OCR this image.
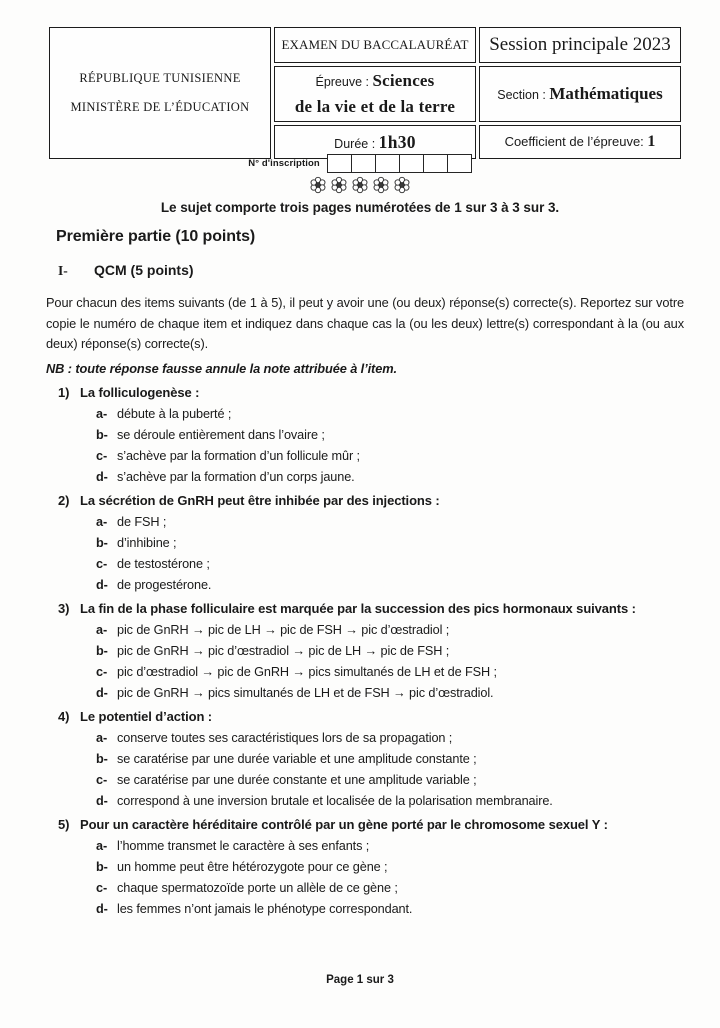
RÉPUBLIQUE TUNISIENNE
MINISTÈRE DE L’ÉDUCATION	EXAMEN DU BACCALAURÉAT	Session principale 2023
	Épreuve : Sciences
de la vie et de la terre	Section : Mathématiques
	Durée : 1h30	Coefficient de l’épreuve: 1
N° d'inscription
Le sujet comporte trois pages numérotées de 1 sur 3 à 3 sur 3.
Première partie (10 points)
I-	QCM (5 points)

Pour chacun des items suivants (de 1 à 5), il peut y avoir une (ou deux) réponse(s) correcte(s). Reportez sur votre copie le numéro de chaque item et indiquez dans chaque cas la (ou les deux) lettre(s) correspondant à la (ou aux deux) réponse(s) correcte(s).

NB : toute réponse fausse annule la note attribuée à l’item.

1) La folliculogenèse :
a- débute à la puberté ;
b- se déroule entièrement dans l’ovaire ;
c- s’achève par la formation d’un follicule mûr ;
d- s’achève par la formation d’un corps jaune.
2) La sécrétion de GnRH peut être inhibée par des injections :
a- de FSH ;
b- d’inhibine ;
c- de testostérone ;
d- de progestérone.
3) La fin de la phase folliculaire est marquée par la succession des pics hormonaux suivants :
a- pic de GnRH → pic de LH → pic de FSH → pic d’œstradiol ;
b- pic de GnRH → pic d’œstradiol → pic de LH → pic de FSH ;
c- pic d’œstradiol → pic de GnRH → pics simultanés de LH et de FSH ;
d- pic de GnRH → pics simultanés de LH et de FSH → pic d’œstradiol.
4) Le potentiel d’action :
a- conserve toutes ses caractéristiques lors de sa propagation ;
b- se caratérise par une durée variable et une amplitude constante ;
c- se caratérise par une durée constante et une amplitude variable ;
d- correspond à une inversion brutale et localisée de la polarisation membranaire.
5) Pour un caractère héréditaire contrôlé par un gène porté par le chromosome sexuel Y :
a- l’homme transmet le caractère à ses enfants ;
b- un homme peut être hétérozygote pour ce gène ;
c- chaque spermatozoïde porte un allèle de ce gène ;
d- les femmes n’ont jamais le phénotype correspondant.
Page 1 sur 3
